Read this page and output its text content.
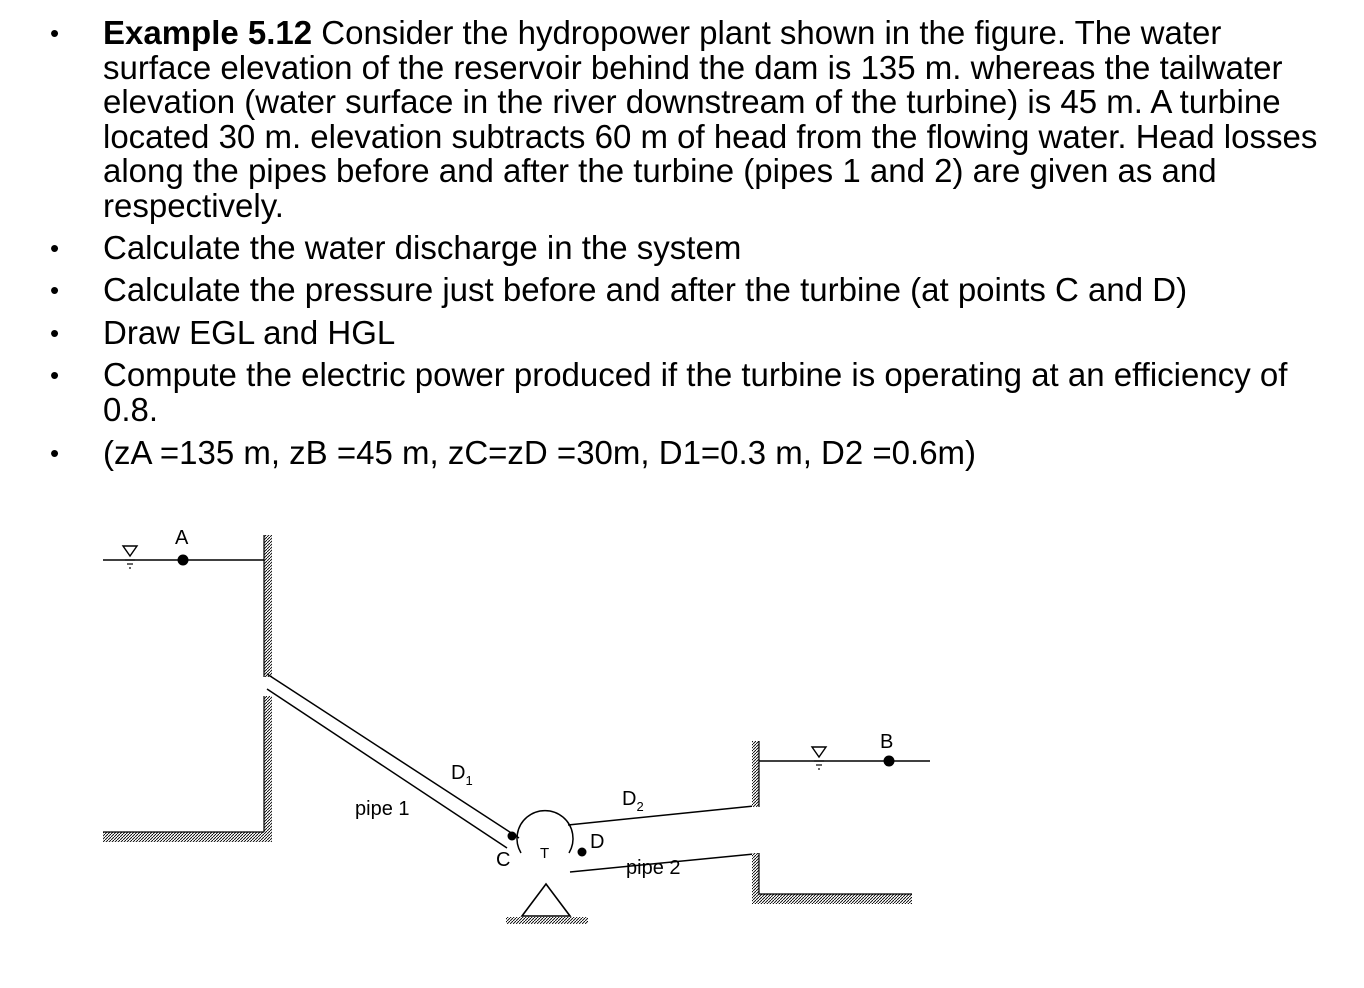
• Example 5.12 Consider the hydropower plant shown in the figure. The water surface elevation of the reservoir behind the dam is 135 m. whereas the tailwater elevation (water surface in the river downstream of the turbine) is 45 m. A turbine located 30 m. elevation subtracts 60 m of head from the flowing water. Head losses along the pipes before and after the turbine (pipes 1 and 2) are given as and respectively.
• Calculate the water discharge in the system
• Calculate the pressure just before and after the turbine (at points C and D)
• Draw EGL and HGL
• Compute the electric power produced if the turbine is operating at an efficiency of 0.8.
• (zA =135 m, zB =45 m, zC=zD =30m, D1=0.3 m, D2 =0.6m)
A
pipe 1
$D_1$
T
C
D
pipe 2
$D_2$
B
